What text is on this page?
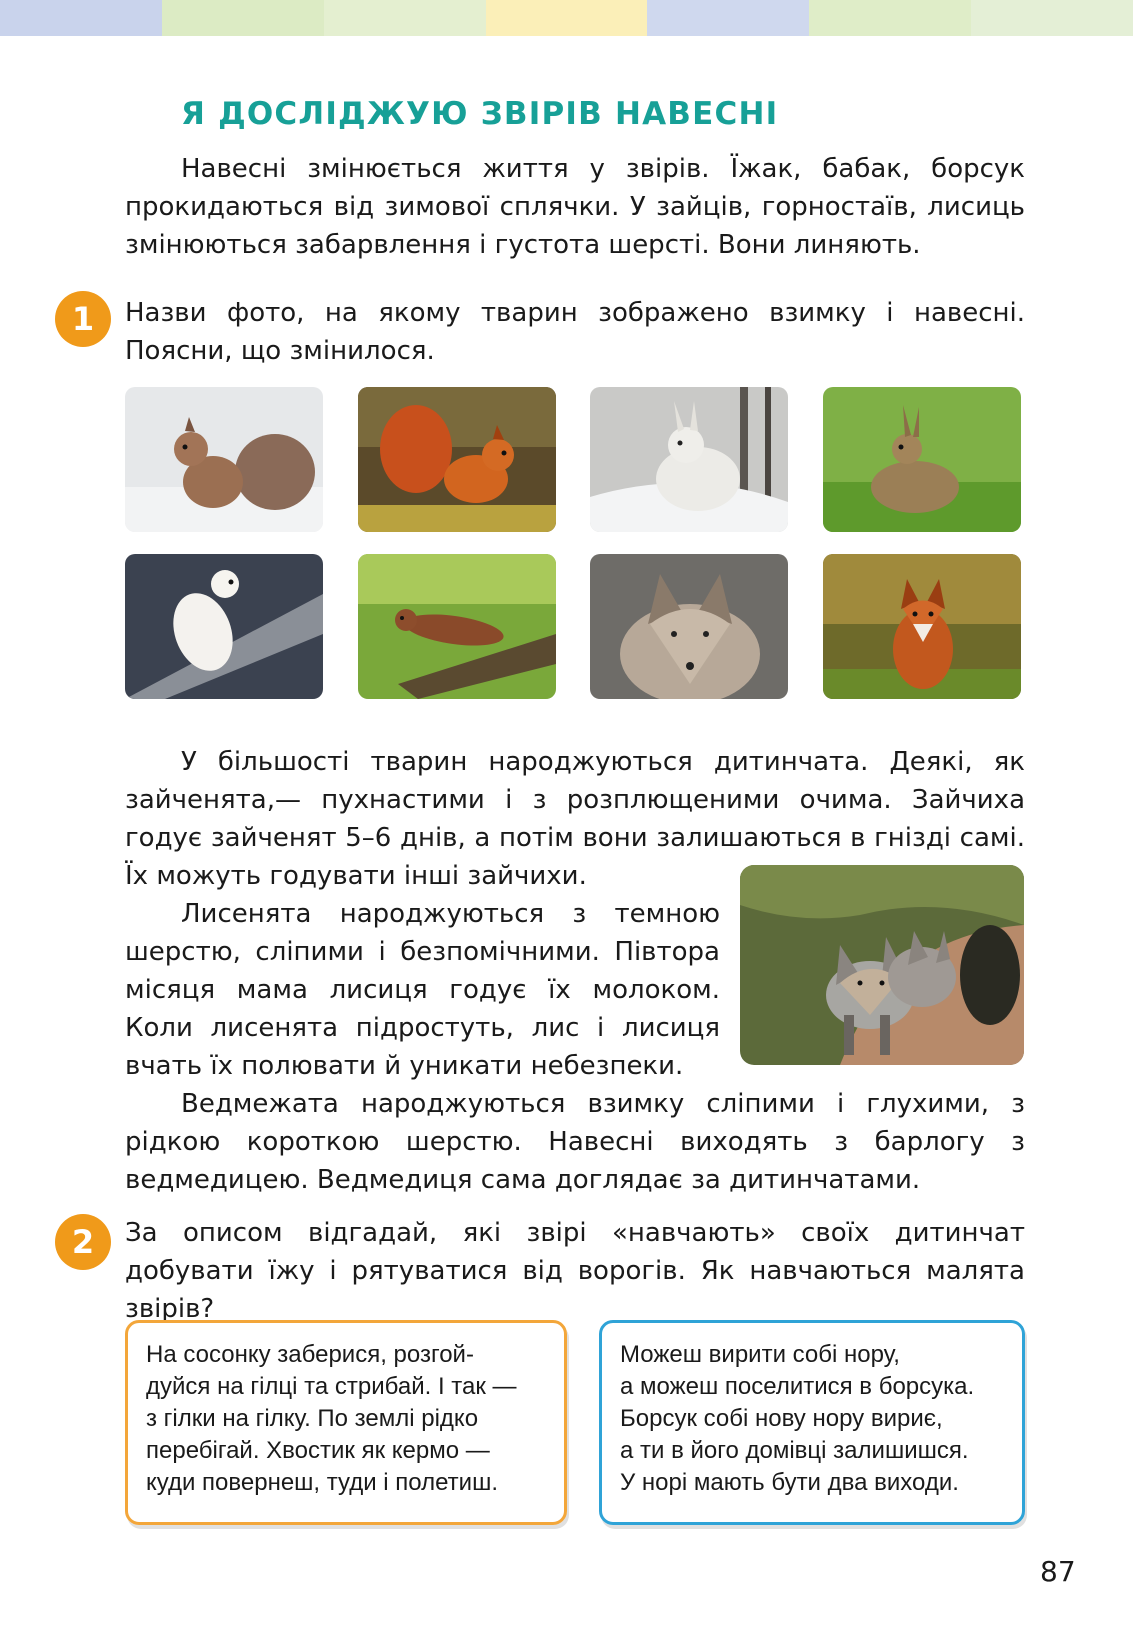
Я ДОСЛІДЖУЮ ЗВІРІВ НАВЕСНІ

Навесні змінюється життя у звірів. Їжак, бабак, борсук прокидаються від зимової сплячки. У зайців, горностаїв, лисиць змінюються забарвлення і густота шерсті. Вони линяють.

1	Назви фото, на якому тварин зображено взимку і навесні. Поясни, що змінилося.

У більшості тварин народжуються дитинчата. Деякі, як зайченята,— пухнастими і з розплющеними очима. Зайчиха годує зайченят 5–6 днів, а потім вони залишаються в гнізді самі. Їх можуть годувати інші зайчихи.

Лисенята народжуються з темною шерстю, сліпими і безпомічними. Півтора місяця мама лисиця годує їх молоком. Коли лисенята підростуть, лис і лисиця вчать їх полювати й уникати небезпеки.

Ведмежата народжуються взимку сліпими і глухими, з рідкою короткою шерстю. Навесні виходять з барлогу з ведмедицею. Ведмедиця сама доглядає за дитинчатами.

2	За описом відгадай, які звірі «навчають» своїх дитинчат добувати їжу і рятуватися від ворогів. Як навчаються малята звірів?

На сосонку заберися, розгой-

дуйся на гілці та стрибай. І так —

з гілки на гілку. По землі рідко

перебігай. Хвостик як кермо —

куди повернеш, туди і полетиш.

Можеш вирити собі нору,

а можеш поселитися в борсука.

Борсук собі нову нору вириє,

а ти в його домівці залишишся.

У норі мають бути два виходи.

87
